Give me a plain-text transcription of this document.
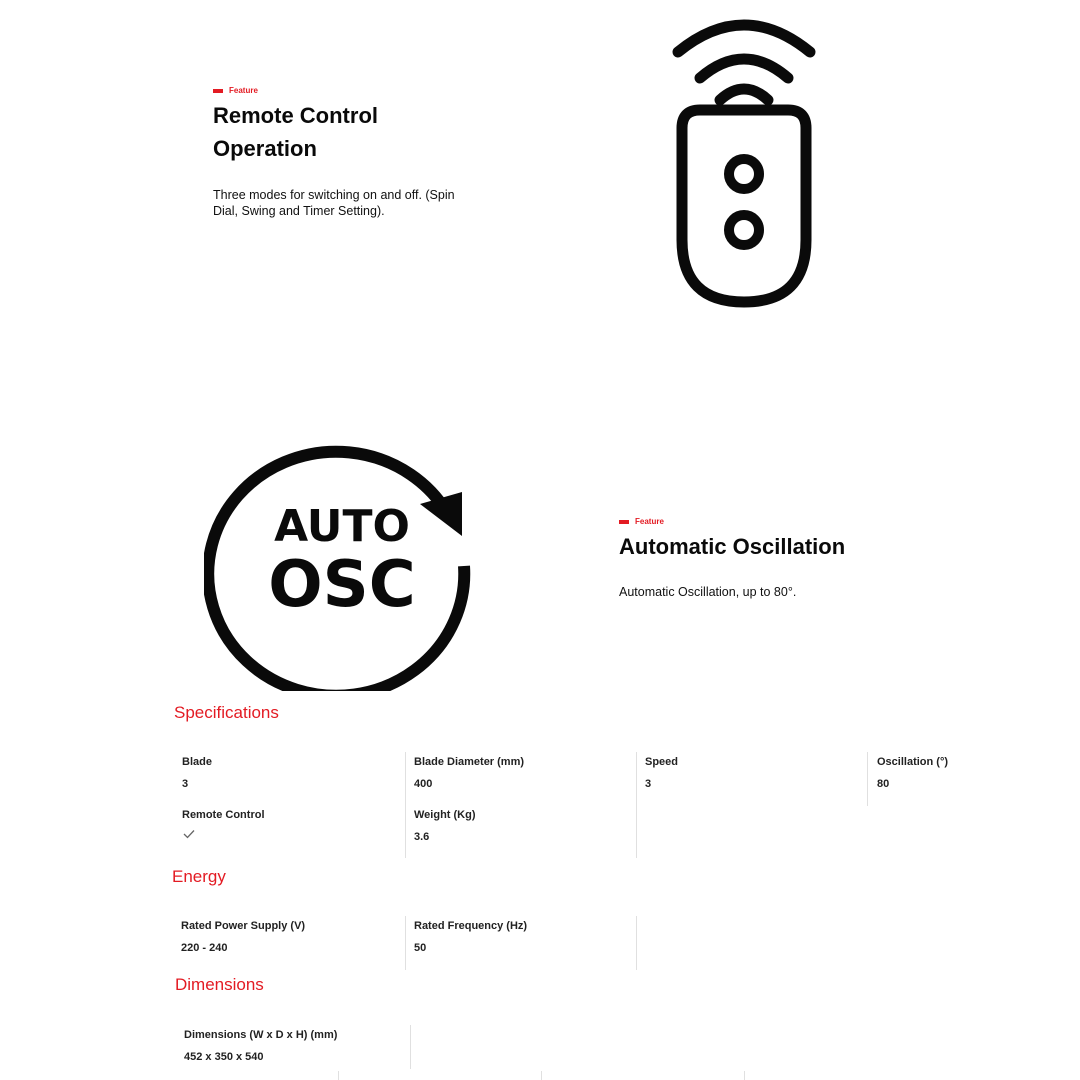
Feature
Remote Control
Operation

Three modes for switching on and off. (Spin
Dial, Swing and Timer Setting).

AUTO
OSC
Feature
Automatic Oscillation

Automatic Oscillation, up to 80°.

Specifications
Blade
3
Blade Diameter (mm)
400
Speed
3
Oscillation (°)
80
Remote Control	Weight (Kg)
3.6
Energy
Rated Power Supply (V)
220 - 240
Rated Frequency (Hz)
50
Dimensions
Dimensions (W x D x H) (mm)
452 x 350 x 540
